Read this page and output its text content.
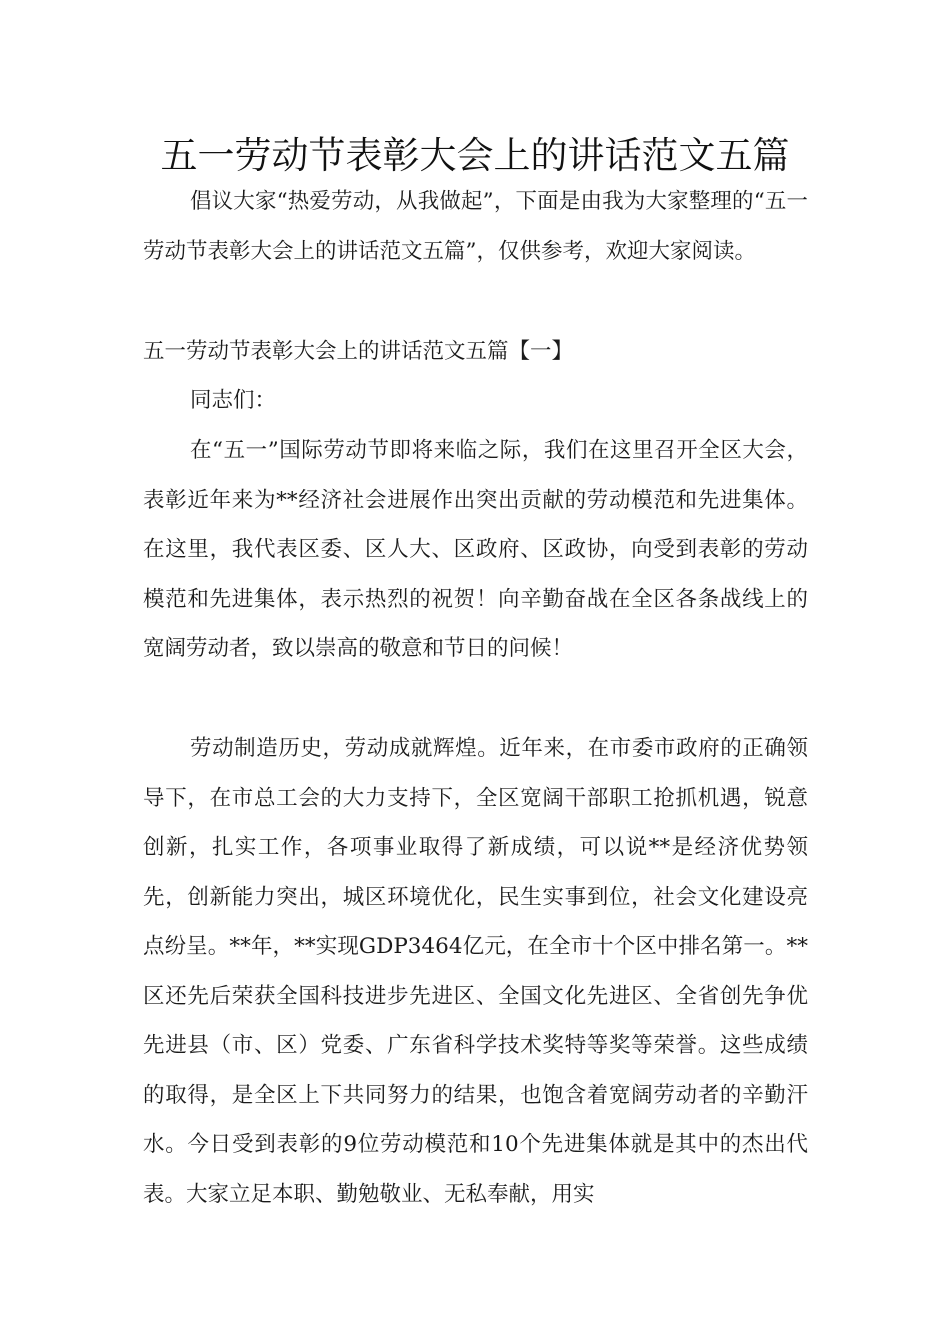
五一劳动节表彰大会上的讲话范文五篇

倡议大家“热爱劳动，从我做起”，下面是由我为大家整理的“五一劳动节表彰大会上的讲话范文五篇”，仅供参考，欢迎大家阅读。

五一劳动节表彰大会上的讲话范文五篇【一】

同志们：

在“五一”国际劳动节即将来临之际，我们在这里召开全区大会，表彰近年来为**经济社会进展作出突出贡献的劳动模范和先进集体。在这里，我代表区委、区人大、区政府、区政协，向受到表彰的劳动模范和先进集体，表示热烈的祝贺！向辛勤奋战在全区各条战线上的宽阔劳动者，致以崇高的敬意和节日的问候！

劳动制造历史，劳动成就辉煌。近年来，在市委市政府的正确领导下，在市总工会的大力支持下，全区宽阔干部职工抢抓机遇，锐意创新，扎实工作，各项事业取得了新成绩，可以说**是经济优势领先，创新能力突出，城区环境优化，民生实事到位，社会文化建设亮点纷呈。**年，**实现GDP3464亿元，在全市十个区中排名第一。**区还先后荣获全国科技进步先进区、全国文化先进区、全省创先争优先进县（市、区）党委、广东省科学技术奖特等奖等荣誉。这些成绩的取得，是全区上下共同努力的结果，也饱含着宽阔劳动者的辛勤汗水。今日受到表彰的9位劳动模范和10个先进集体就是其中的杰出代表。大家立足本职、勤勉敬业、无私奉献，用实
